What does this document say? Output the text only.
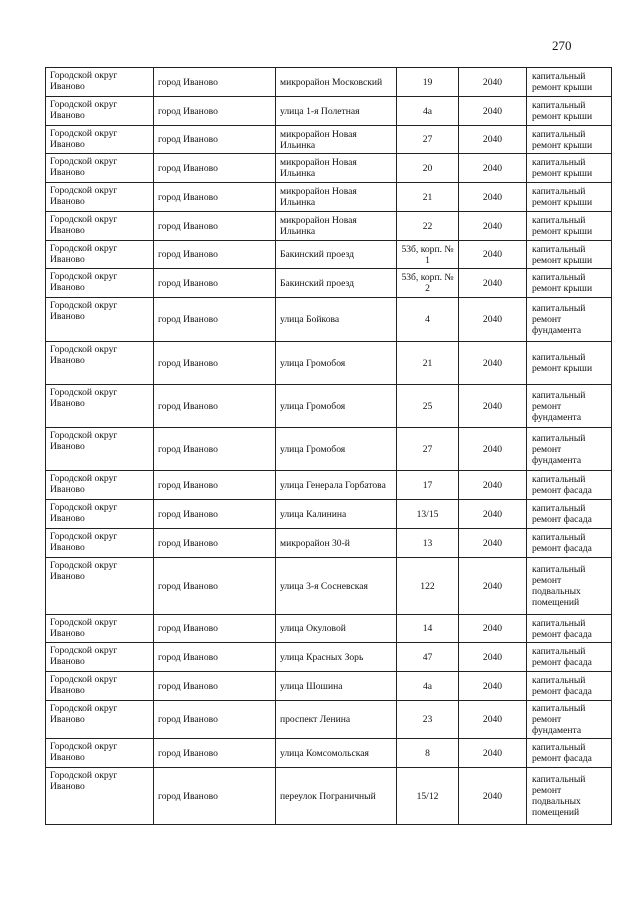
270
Городской округ Иваново	город Иваново	микрорайон Московский	19	2040	капитальный ремонт крыши
Городской округ Иваново	город Иваново	улица 1-я Полетная	4а	2040	капитальный ремонт крыши
Городской округ Иваново	город Иваново	микрорайон Новая Ильинка	27	2040	капитальный ремонт крыши
Городской округ Иваново	город Иваново	микрорайон Новая Ильинка	20	2040	капитальный ремонт крыши
Городской округ Иваново	город Иваново	микрорайон Новая Ильинка	21	2040	капитальный ремонт крыши
Городской округ Иваново	город Иваново	микрорайон Новая Ильинка	22	2040	капитальный ремонт крыши
Городской округ Иваново	город Иваново	Бакинский проезд	53б, корп. № 1	2040	капитальный ремонт крыши
Городской округ Иваново	город Иваново	Бакинский проезд	53б, корп. № 2	2040	капитальный ремонт крыши
Городской округ Иваново	город Иваново	улица Бойкова	4	2040	капитальный ремонт фундамента
Городской округ Иваново	город Иваново	улица Громобоя	21	2040	капитальный ремонт крыши
Городской округ Иваново	город Иваново	улица Громобоя	25	2040	капитальный ремонт фундамента
Городской округ Иваново	город Иваново	улица Громобоя	27	2040	капитальный ремонт фундамента
Городской округ Иваново	город Иваново	улица Генерала Горбатова	17	2040	капитальный ремонт фасада
Городской округ Иваново	город Иваново	улица Калинина	13/15	2040	капитальный ремонт фасада
Городской округ Иваново	город Иваново	микрорайон 30-й	13	2040	капитальный ремонт фасада
Городской округ Иваново	город Иваново	улица 3-я Сосневская	122	2040	капитальный ремонт подвальных помещений
Городской округ Иваново	город Иваново	улица Окуловой	14	2040	капитальный ремонт фасада
Городской округ Иваново	город Иваново	улица Красных Зорь	47	2040	капитальный ремонт фасада
Городской округ Иваново	город Иваново	улица Шошина	4а	2040	капитальный ремонт фасада
Городской округ Иваново	город Иваново	проспект Ленина	23	2040	капитальный ремонт фундамента
Городской округ Иваново	город Иваново	улица Комсомольская	8	2040	капитальный ремонт фасада
Городской округ Иваново	город Иваново	переулок Пограничный	15/12	2040	капитальный ремонт подвальных помещений
